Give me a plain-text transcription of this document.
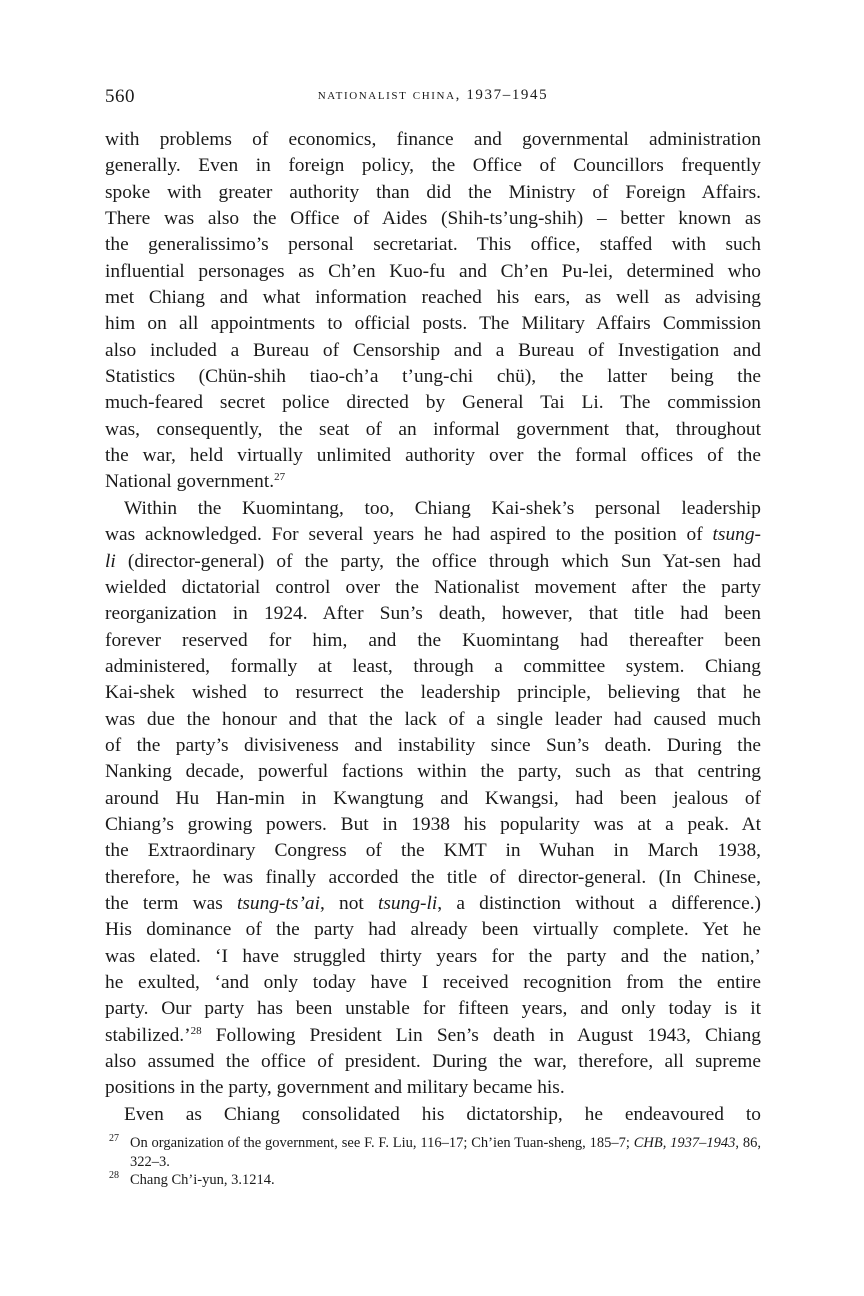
560	nationalist china, 1937–1945
with problems of economics, finance and governmental administration
generally. Even in foreign policy, the Office of Councillors frequently
spoke with greater authority than did the Ministry of Foreign Affairs.
There was also the Office of Aides (Shih-ts’ung-shih) – better known as
the generalissimo’s personal secretariat. This office, staffed with such
influential personages as Ch’en Kuo-fu and Ch’en Pu-lei, determined who
met Chiang and what information reached his ears, as well as advising
him on all appointments to official posts. The Military Affairs Commission
also included a Bureau of Censorship and a Bureau of Investigation and
Statistics (Chün-shih tiao-ch’a t’ung-chi chü), the latter being the
much-feared secret police directed by General Tai Li. The commission
was, consequently, the seat of an informal government that, throughout
the war, held virtually unlimited authority over the formal offices of the
National government.$^{27}$
Within the Kuomintang, too, Chiang Kai-shek’s personal leadership
was acknowledged. For several years he had aspired to the position of tsung-
li (director-general) of the party, the office through which Sun Yat-sen had
wielded dictatorial control over the Nationalist movement after the party
reorganization in 1924. After Sun’s death, however, that title had been
forever reserved for him, and the Kuomintang had thereafter been
administered, formally at least, through a committee system. Chiang
Kai-shek wished to resurrect the leadership principle, believing that he
was due the honour and that the lack of a single leader had caused much
of the party’s divisiveness and instability since Sun’s death. During the
Nanking decade, powerful factions within the party, such as that centring
around Hu Han-min in Kwangtung and Kwangsi, had been jealous of
Chiang’s growing powers. But in 1938 his popularity was at a peak. At
the Extraordinary Congress of the KMT in Wuhan in March 1938,
therefore, he was finally accorded the title of director-general. (In Chinese,
the term was tsung-ts’ai, not tsung-li, a distinction without a difference.)
His dominance of the party had already been virtually complete. Yet he
was elated. ‘I have struggled thirty years for the party and the nation,’
he exulted, ‘and only today have I received recognition from the entire
party. Our party has been unstable for fifteen years, and only today is it
stabilized.’$^{28}$ Following President Lin Sen’s death in August 1943, Chiang
also assumed the office of president. During the war, therefore, all supreme
positions in the party, government and military became his.
Even as Chiang consolidated his dictatorship, he endeavoured to
27 On organization of the government, see F. F. Liu, 116–17; Ch’ien Tuan-sheng, 185–7; CHB, 1937–1943, 86, 322–3.
28 Chang Ch’i-yun, 3.1214.
